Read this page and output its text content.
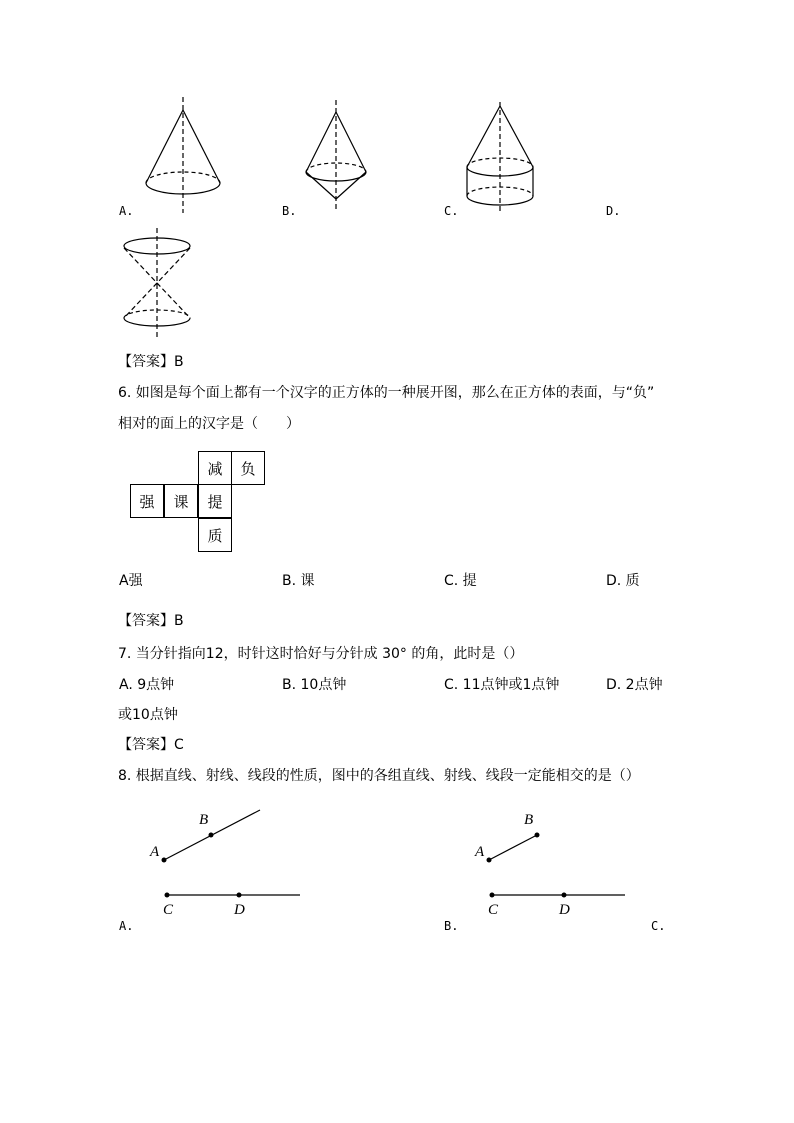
A.	B.	C.	D.
【答案】B
6. 如图是每个面上都有一个汉字的正方体的一种展开图，那么在正方体的表面，与“负”
相对的面上的汉字是（　　）
减	负
强	课	提
质
A强	B. 课	C. 提	D. 质
【答案】B
7. 当分针指向12，时针这时恰好与分针成 30° 的角，此时是（）
A. 9点钟	B. 10点钟	C. 11点钟或1点钟	D. 2点钟
或10点钟
【答案】C
8. 根据直线、射线、线段的性质，图中的各组直线、射线、线段一定能相交的是（）
A
B
C	D
A
B
C	D
A.	B.	C.
